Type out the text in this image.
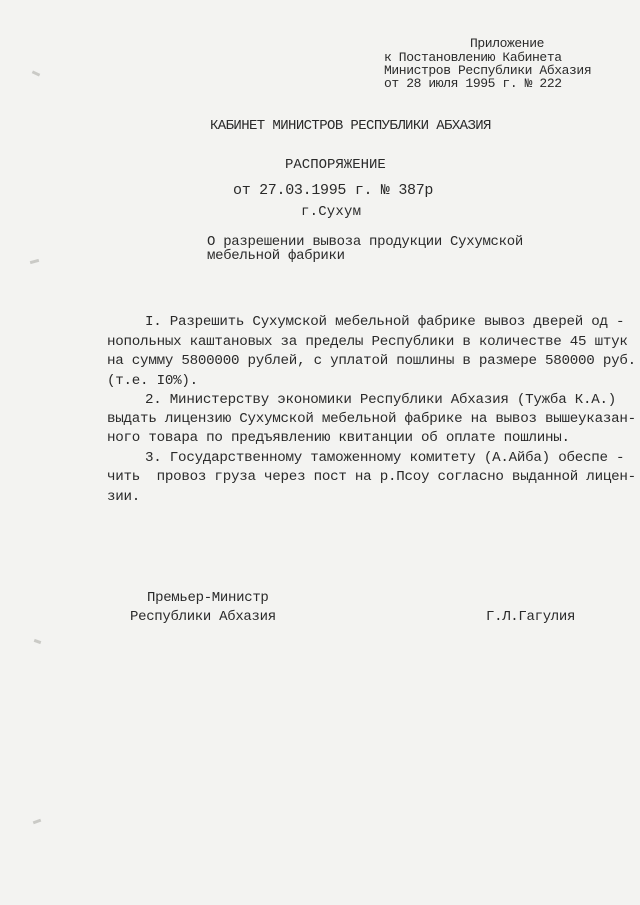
Приложение
к Постановлению Кабинета
Министров Республики Абхазия
от 28 июля 1995 г. № 222
КАБИНЕТ МИНИСТРОВ РЕСПУБЛИКИ АБХАЗИЯ
РАСПОРЯЖЕНИЕ
от 27.03.1995 г. № 387р
г.Сухум
О разрешении вывоза продукции Сухумской
мебельной фабрики
I. Разрешить Сухумской мебельной фабрике вывоз дверей од -
нопольных каштановых за пределы Республики в количестве 45 штук
на сумму 5800000 рублей, с уплатой пошлины в размере 580000 руб.
(т.е. I0%).
2. Министерству экономики Республики Абхазия (Тужба К.А.)
выдать лицензию Сухумской мебельной фабрике на вывоз вышеуказан-
ного товара по предъявлению квитанции об оплате пошлины.
3. Государственному таможенному комитету (А.Айба) обеспе -
чить  провоз груза через пост на р.Псоу согласно выданной лицен-
зии.
Премьер-Министр
Республики Абхазия	Г.Л.Гагулия
